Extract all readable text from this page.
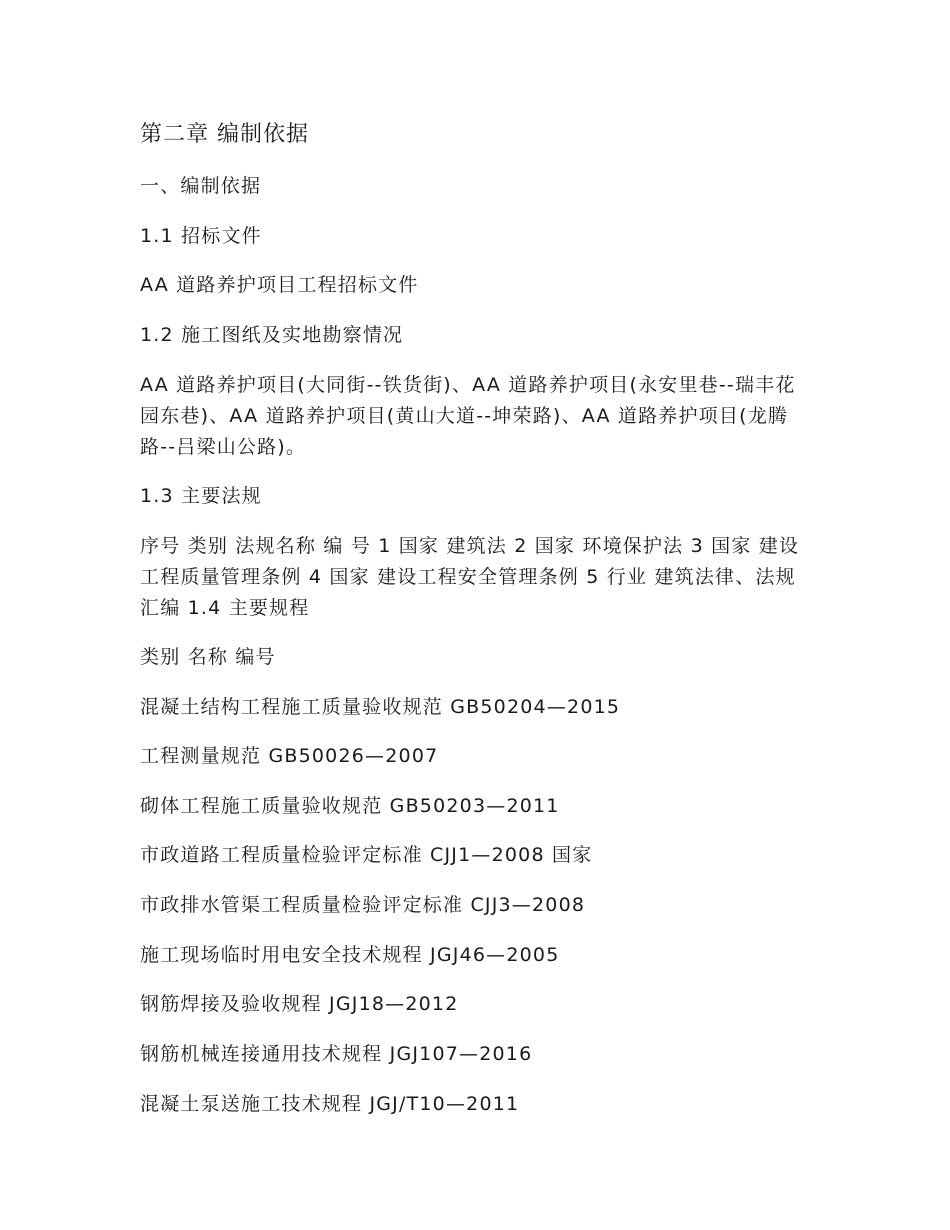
第二章 编制依据
一、编制依据
1.1 招标文件
AA 道路养护项目工程招标文件
1.2 施工图纸及实地勘察情况
AA 道路养护项目(大同街--铁货街)、AA 道路养护项目(永安里巷--瑞丰花园东巷)、AA 道路养护项目(黄山大道--坤荣路)、AA 道路养护项目(龙腾路--吕梁山公路)。
1.3 主要法规
序号 类别 法规名称 编 号 1 国家 建筑法 2 国家 环境保护法 3 国家 建设工程质量管理条例 4 国家 建设工程安全管理条例 5 行业 建筑法律、法规汇编 1.4 主要规程
类别 名称 编号
混凝土结构工程施工质量验收规范 GB50204—2015
工程测量规范 GB50026—2007
砌体工程施工质量验收规范 GB50203—2011
市政道路工程质量检验评定标准 CJJ1—2008 国家
市政排水管渠工程质量检验评定标准 CJJ3—2008
施工现场临时用电安全技术规程 JGJ46—2005
钢筋焊接及验收规程 JGJ18—2012
钢筋机械连接通用技术规程 JGJ107—2016
混凝土泵送施工技术规程 JGJ/T10—2011
